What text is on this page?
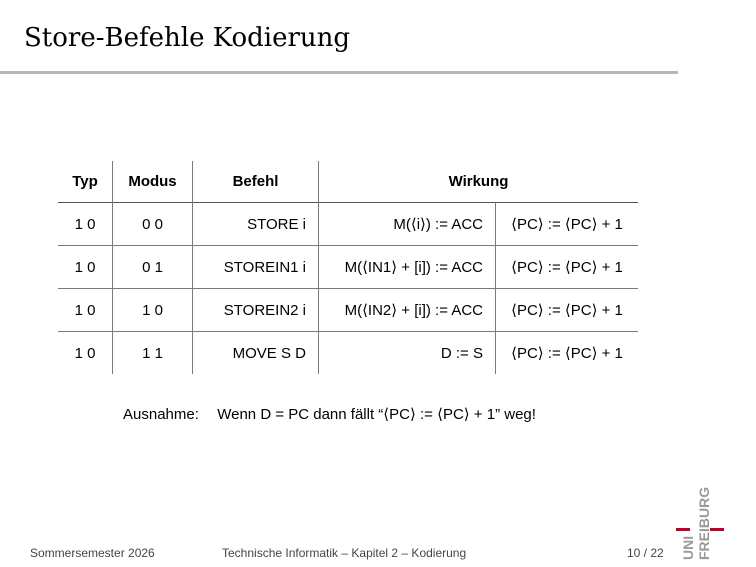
Store-Befehle Kodierung
Typ	Modus	Befehl	Wirkung	
1 0	0 0	STORE i	M(⟨i⟩) := ACC	⟨PC⟩ := ⟨PC⟩ + 1
1 0	0 1	STOREIN1 i	M(⟨IN1⟩ + [i]) := ACC	⟨PC⟩ := ⟨PC⟩ + 1
1 0	1 0	STOREIN2 i	M(⟨IN2⟩ + [i]) := ACC	⟨PC⟩ := ⟨PC⟩ + 1
1 0	1 1	MOVE S D	D := S	⟨PC⟩ := ⟨PC⟩ + 1
Ausnahme: Wenn D = PC dann fällt “⟨PC⟩ := ⟨PC⟩ + 1” weg!
Sommersemester 2026	Technische Informatik – Kapitel 2 – Kodierung	10 / 22 UNI FREIBURG
